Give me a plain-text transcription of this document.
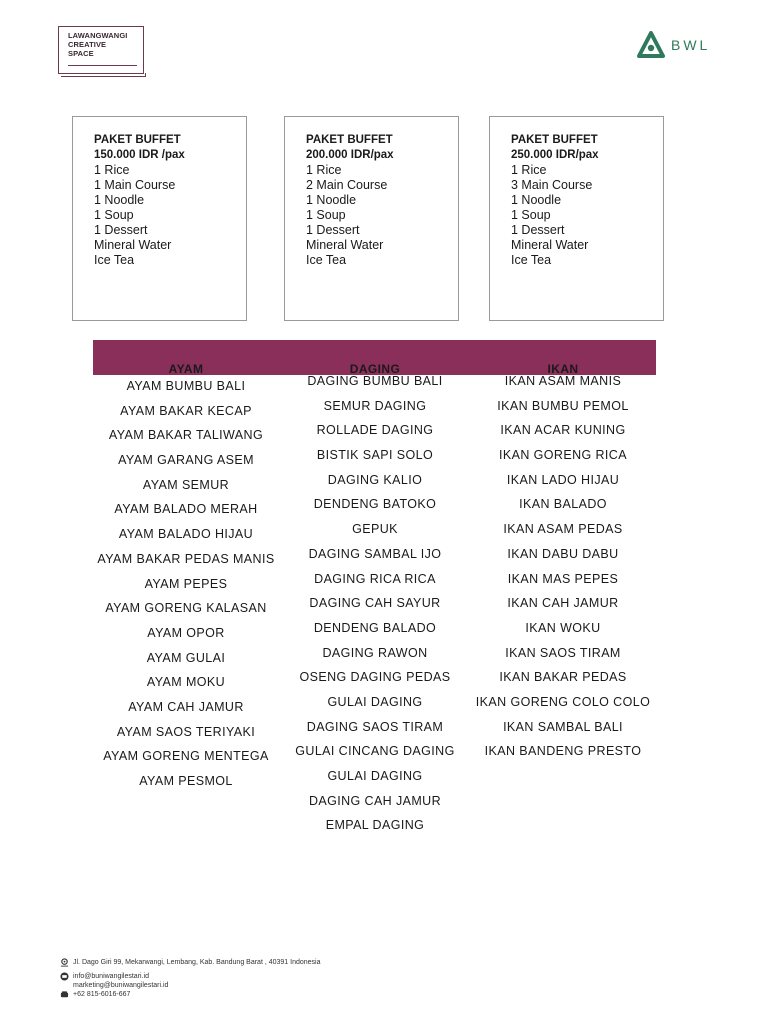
LAWANGWANGI
CREATIVE
SPACE
BWL
PAKET BUFFET
150.000 IDR /pax
1 Rice
1 Main Course
1 Noodle
1 Soup
1 Dessert
Mineral Water
Ice Tea
PAKET BUFFET
200.000 IDR/pax
1 Rice
2 Main Course
1 Noodle
1 Soup
1 Dessert
Mineral Water
Ice Tea
PAKET BUFFET
250.000 IDR/pax
1 Rice
3 Main Course
1 Noodle
1 Soup
1 Dessert
Mineral Water
Ice Tea
AYAM
AYAM BUMBU BALI
AYAM BAKAR KECAP
AYAM BAKAR TALIWANG
AYAM GARANG ASEM
AYAM SEMUR
AYAM BALADO MERAH
AYAM BALADO HIJAU
AYAM BAKAR PEDAS MANIS
AYAM PEPES
AYAM GORENG KALASAN
AYAM OPOR
AYAM GULAI
AYAM MOKU
AYAM CAH JAMUR
AYAM SAOS TERIYAKI
AYAM GORENG MENTEGA
AYAM PESMOL
DAGING
DAGING BUMBU BALI
SEMUR DAGING
ROLLADE DAGING
BISTIK SAPI SOLO
DAGING KALIO
DENDENG BATOKO
GEPUK
DAGING SAMBAL IJO
DAGING RICA RICA
DAGING CAH SAYUR
DENDENG BALADO
DAGING RAWON
OSENG DAGING PEDAS
GULAI DAGING
DAGING SAOS TIRAM
GULAI CINCANG DAGING
GULAI DAGING
DAGING CAH JAMUR
EMPAL DAGING
IKAN
IKAN ASAM MANIS
IKAN BUMBU PEMOL
IKAN ACAR KUNING
IKAN GORENG RICA
IKAN LADO HIJAU
IKAN BALADO
IKAN ASAM PEDAS
IKAN DABU DABU
IKAN MAS PEPES
IKAN CAH JAMUR
IKAN WOKU
IKAN SAOS TIRAM
IKAN BAKAR PEDAS
IKAN GORENG COLO COLO
IKAN SAMBAL BALI
IKAN BANDENG PRESTO
Jl. Dago Giri 99, Mekarwangi, Lembang, Kab. Bandung Barat , 40391 Indonesia
info@buniwangilestari.id
marketing@buniwangilestari.id
+62 815-6016-667
